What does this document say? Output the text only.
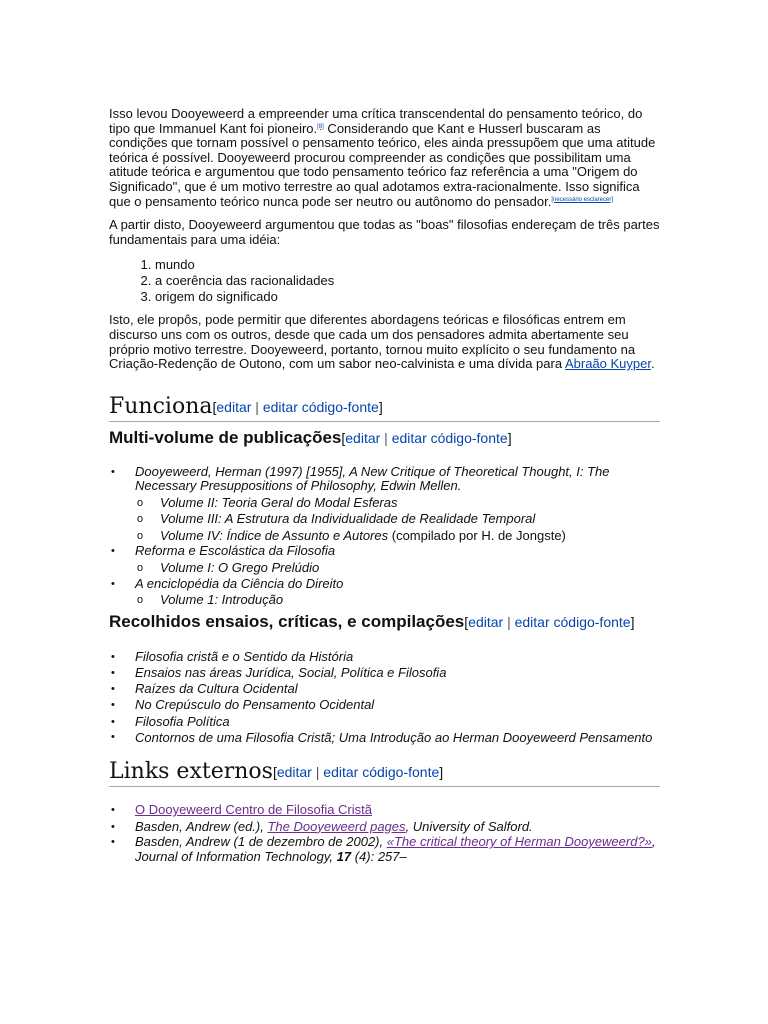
Isso levou Dooyeweerd a empreender uma crítica transcendental do pensamento teórico, do tipo que Immanuel Kant foi pioneiro.[8] Considerando que Kant e Husserl buscaram as condições que tornam possível o pensamento teórico, eles ainda pressupõem que uma atitude teórica é possível. Dooyeweerd procurou compreender as condições que possibilitam uma atitude teórica e argumentou que todo pensamento teórico faz referência a uma "Origem do Significado", que é um motivo terrestre ao qual adotamos extra-racionalmente. Isso significa que o pensamento teórico nunca pode ser neutro ou autônomo do pensador.[necessário esclarecer]

A partir disto, Dooyeweerd argumentou que todas as "boas" filosofias endereçam de três partes fundamentais para uma idéia:

1. mundo
2. a coerência das racionalidades
3. origem do significado

Isto, ele propôs, pode permitir que diferentes abordagens teóricas e filosóficas entrem em discurso uns com os outros, desde que cada um dos pensadores admita abertamente seu próprio motivo terrestre. Dooyeweerd, portanto, tornou muito explícito o seu fundamento na Criação-Redenção de Outono, com um sabor neo-calvinista e uma dívida para Abraão Kuyper.

Funciona[editar | editar código-fonte]
Multi-volume de publicações[editar | editar código-fonte]
• Dooyeweerd, Herman (1997) [1955], A New Critique of Theoretical Thought, I: The Necessary Presuppositions of Philosophy, Edwin Mellen.
o Volume II: Teoria Geral do Modal Esferas
o Volume III: A Estrutura da Individualidade de Realidade Temporal
o Volume IV: Índice de Assunto e Autores (compilado por H. de Jongste)
• Reforma e Escolástica da Filosofia
o Volume I: O Grego Prelúdio
• A enciclopédia da Ciência do Direito
o Volume 1: Introdução
Recolhidos ensaios, críticas, e compilações[editar | editar código-fonte]
• Filosofia cristã e o Sentido da História
• Ensaios nas áreas Jurídica, Social, Política e Filosofia
• Raízes da Cultura Ocidental
• No Crepúsculo do Pensamento Ocidental
• Filosofia Política
• Contornos de uma Filosofia Cristã; Uma Introdução ao Herman Dooyeweerd Pensamento
Links externos[editar | editar código-fonte]
• O Dooyeweerd Centro de Filosofia Cristã
• Basden, Andrew (ed.), The Dooyeweerd pages, University of Salford.
• Basden, Andrew (1 de dezembro de 2002), «The critical theory of Herman Dooyeweerd?», Journal of Information Technology, 17 (4): 257–
